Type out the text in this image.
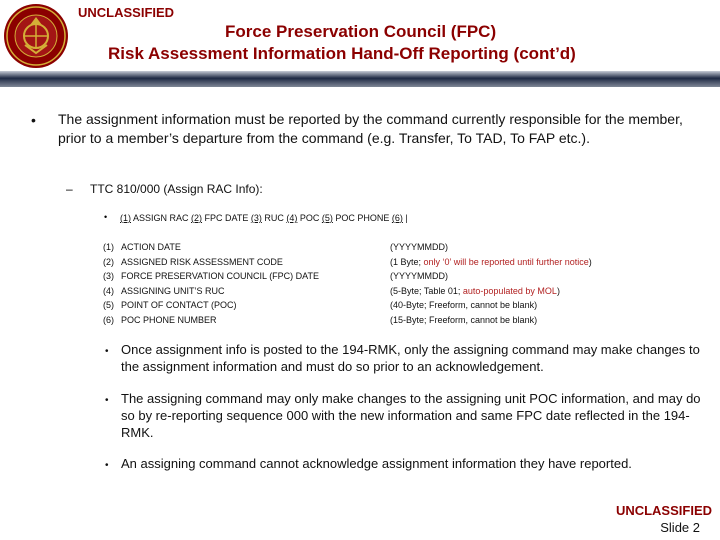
UNCLASSIFIED
Force Preservation Council (FPC)
Risk Assessment Information Hand-Off Reporting (cont’d)
• The assignment information must be reported by the command currently responsible for the member, prior to a member’s departure from the command (e.g. Transfer, To TAD, To FAP etc.).
– TTC 810/000 (Assign RAC Info):
• (1) ASSIGN RAC (2) FPC DATE (3) RUC (4) POC (5) POC PHONE (6) |
(1)
(2)
(3)
(4)
(5)
(6)
ACTION DATE
ASSIGNED RISK ASSESSMENT CODE
FORCE PRESERVATION COUNCIL (FPC) DATE
ASSIGNING UNIT’S RUC
POINT OF CONTACT (POC)
POC PHONE NUMBER
(YYYYMMDD)
(1 Byte; only ‘0’ will be reported until further notice)
(YYYYMMDD)
(5-Byte; Table 01; auto-populated by MOL)
(40-Byte; Freeform, cannot be blank)
(15-Byte; Freeform, cannot be blank)
• Once assignment info is posted to the 194-RMK, only the assigning command may make changes to the assignment information and must do so prior to an acknowledgement.
• The assigning command may only make changes to the assigning unit POC information, and may do so by re-reporting sequence 000 with the new information and same FPC date reflected in the 194-RMK.
• An assigning command cannot acknowledge assignment information they have reported.
UNCLASSIFIED
Slide 2
